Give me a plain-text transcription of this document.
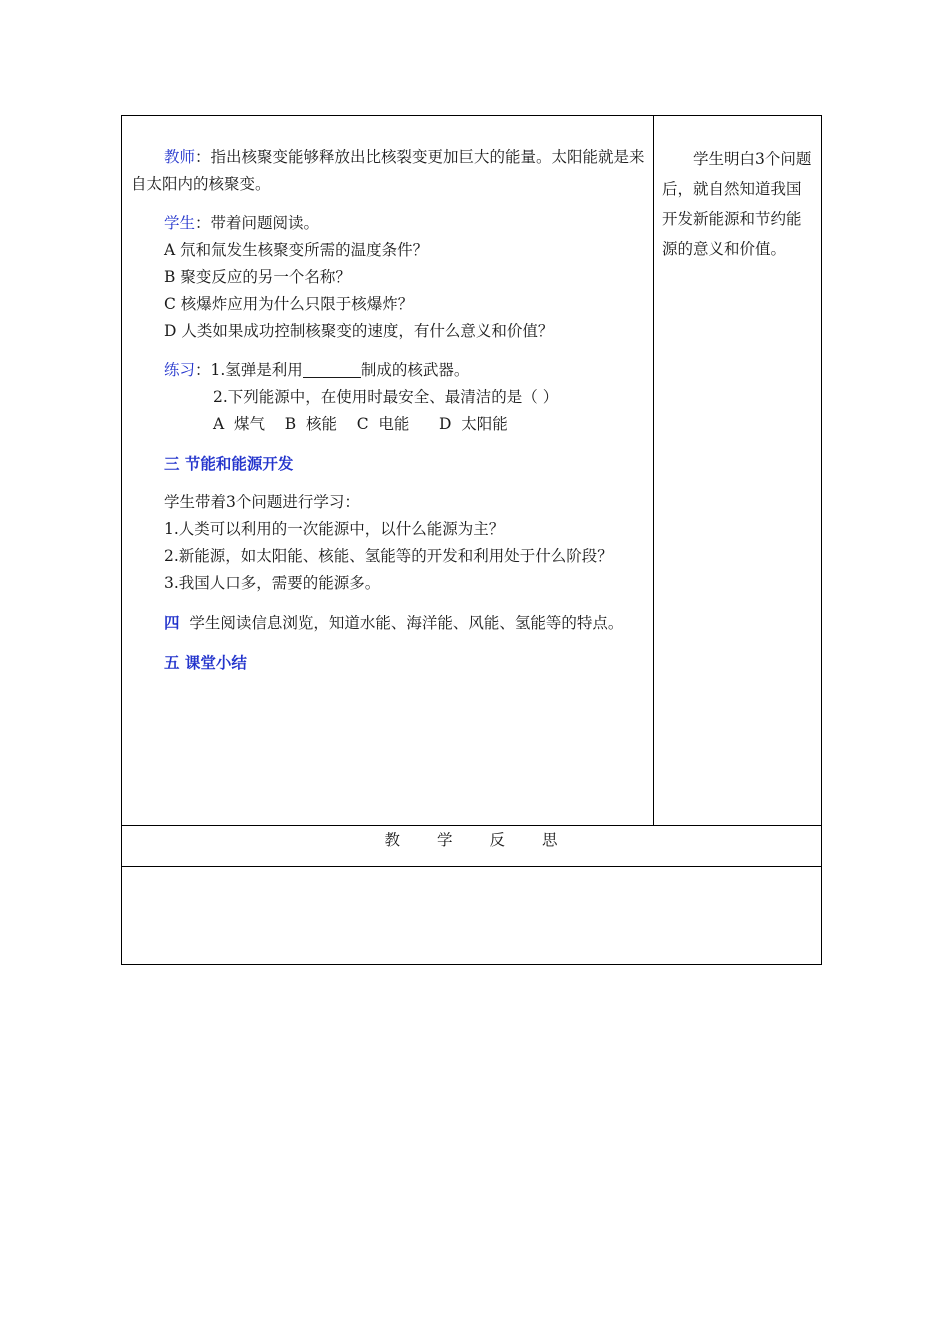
教师：指出核聚变能够释放出比核裂变更加巨大的能量。太阳能就是来自太阳内的核聚变。

学生：带着问题阅读。

A 氘和氚发生核聚变所需的温度条件？

B 聚变反应的另一个名称？

C 核爆炸应用为什么只限于核爆炸？

D 人类如果成功控制核聚变的速度，有什么意义和价值？

练习：1.氢弹是利用	制成的核武器。

2.下列能源中，在使用时最安全、最清洁的是（ ）

A  煤气    B  核能    C  电能      D  太阳能

三 节能和能源开发

学生带着3个问题进行学习：

1.人类可以利用的一次能源中，以什么能源为主？

2.新能源，如太阳能、核能、氢能等的开发和利用处于什么阶段？

3.我国人口多，需要的能源多。

四  学生阅读信息浏览，知道水能、海洋能、风能、氢能等的特点。

五 课堂小结

学生明白3个问题后，就自然知道我国开发新能源和节约能源的意义和价值。

教 学 反 思
